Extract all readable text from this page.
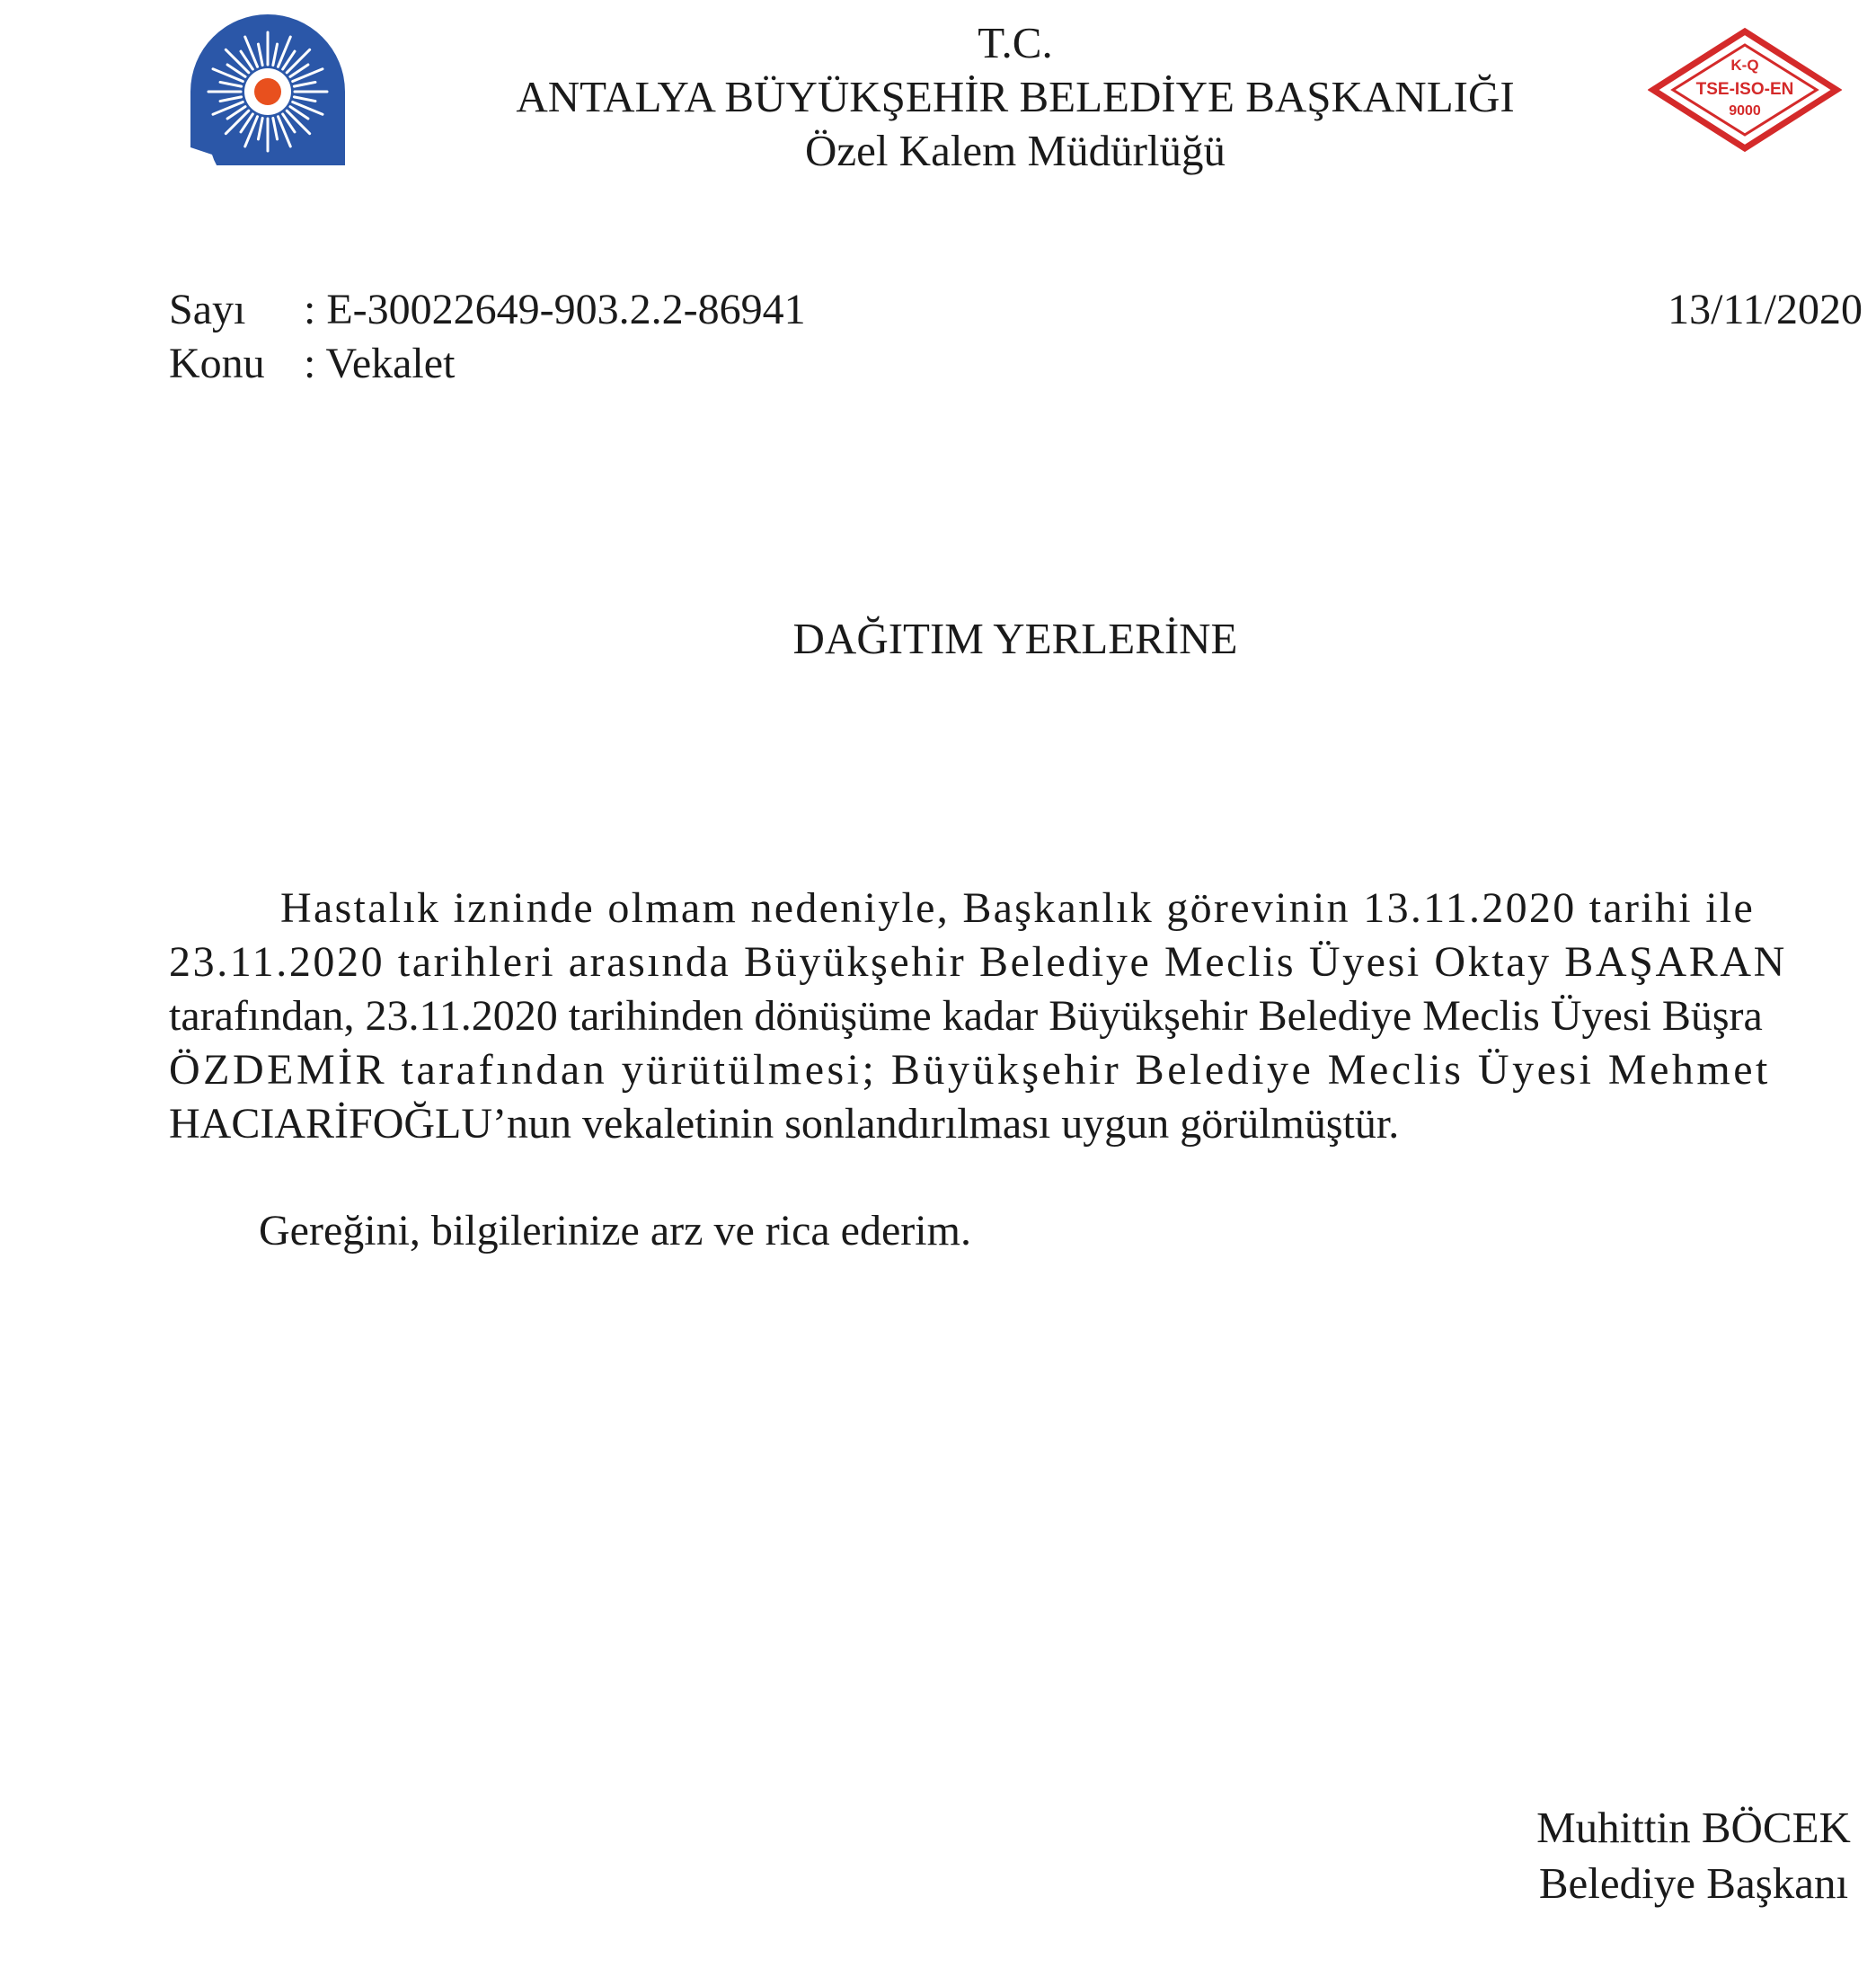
T.C.
ANTALYA BÜYÜKŞEHİR BELEDİYE BAŞKANLIĞI
Özel Kalem Müdürlüğü
K-Q
TSE-ISO-EN
9000
Sayı : E-30022649-903.2.2-86941
Konu : Vekalet
13/11/2020
DAĞITIM YERLERİNE
Hastalık izninde olmam nedeniyle, Başkanlık görevinin 13.11.2020 tarihi ile
23.11.2020 tarihleri arasında Büyükşehir Belediye Meclis Üyesi Oktay BAŞARAN
tarafından, 23.11.2020 tarihinden dönüşüme kadar Büyükşehir Belediye Meclis Üyesi Büşra
ÖZDEMİR tarafından yürütülmesi; Büyükşehir Belediye Meclis Üyesi Mehmet
HACIARİFOĞLU’nun vekaletinin sonlandırılması uygun görülmüştür.
Gereğini, bilgilerinize arz ve rica ederim.
Muhittin BÖCEK
Belediye Başkanı
